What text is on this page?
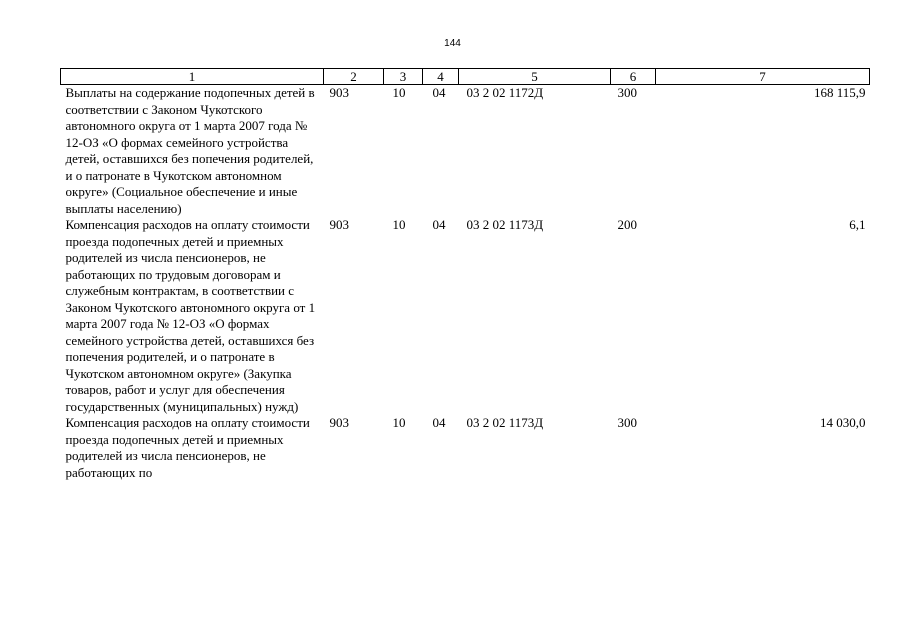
144
1	2	3	4	5	6	7
Выплаты на содержание подопечных детей в соответствии с Законом Чукотского автономного округа от 1 марта 2007 года № 12-ОЗ «О формах семейного устройства детей, оставшихся без попечения родителей, и о патронате в Чукотском автономном округе» (Социальное обеспечение и иные выплаты населению)	903	10	04	03 2 02 1172Д	300	168 115,9
Компенсация расходов на оплату стоимости проезда подопечных детей и приемных родителей из числа пенсионеров, не работающих по трудовым договорам и служебным контрактам, в соответствии с Законом Чукотского автономного округа от 1 марта 2007 года № 12-ОЗ «О формах семейного устройства детей, оставшихся без попечения родителей, и о патронате в Чукотском автономном округе» (Закупка товаров, работ и услуг для обеспечения государственных (муниципальных) нужд)	903	10	04	03 2 02 1173Д	200	6,1
Компенсация расходов на оплату стоимости проезда подопечных детей и приемных родителей из числа пенсионеров, не работающих по	903	10	04	03 2 02 1173Д	300	14 030,0
